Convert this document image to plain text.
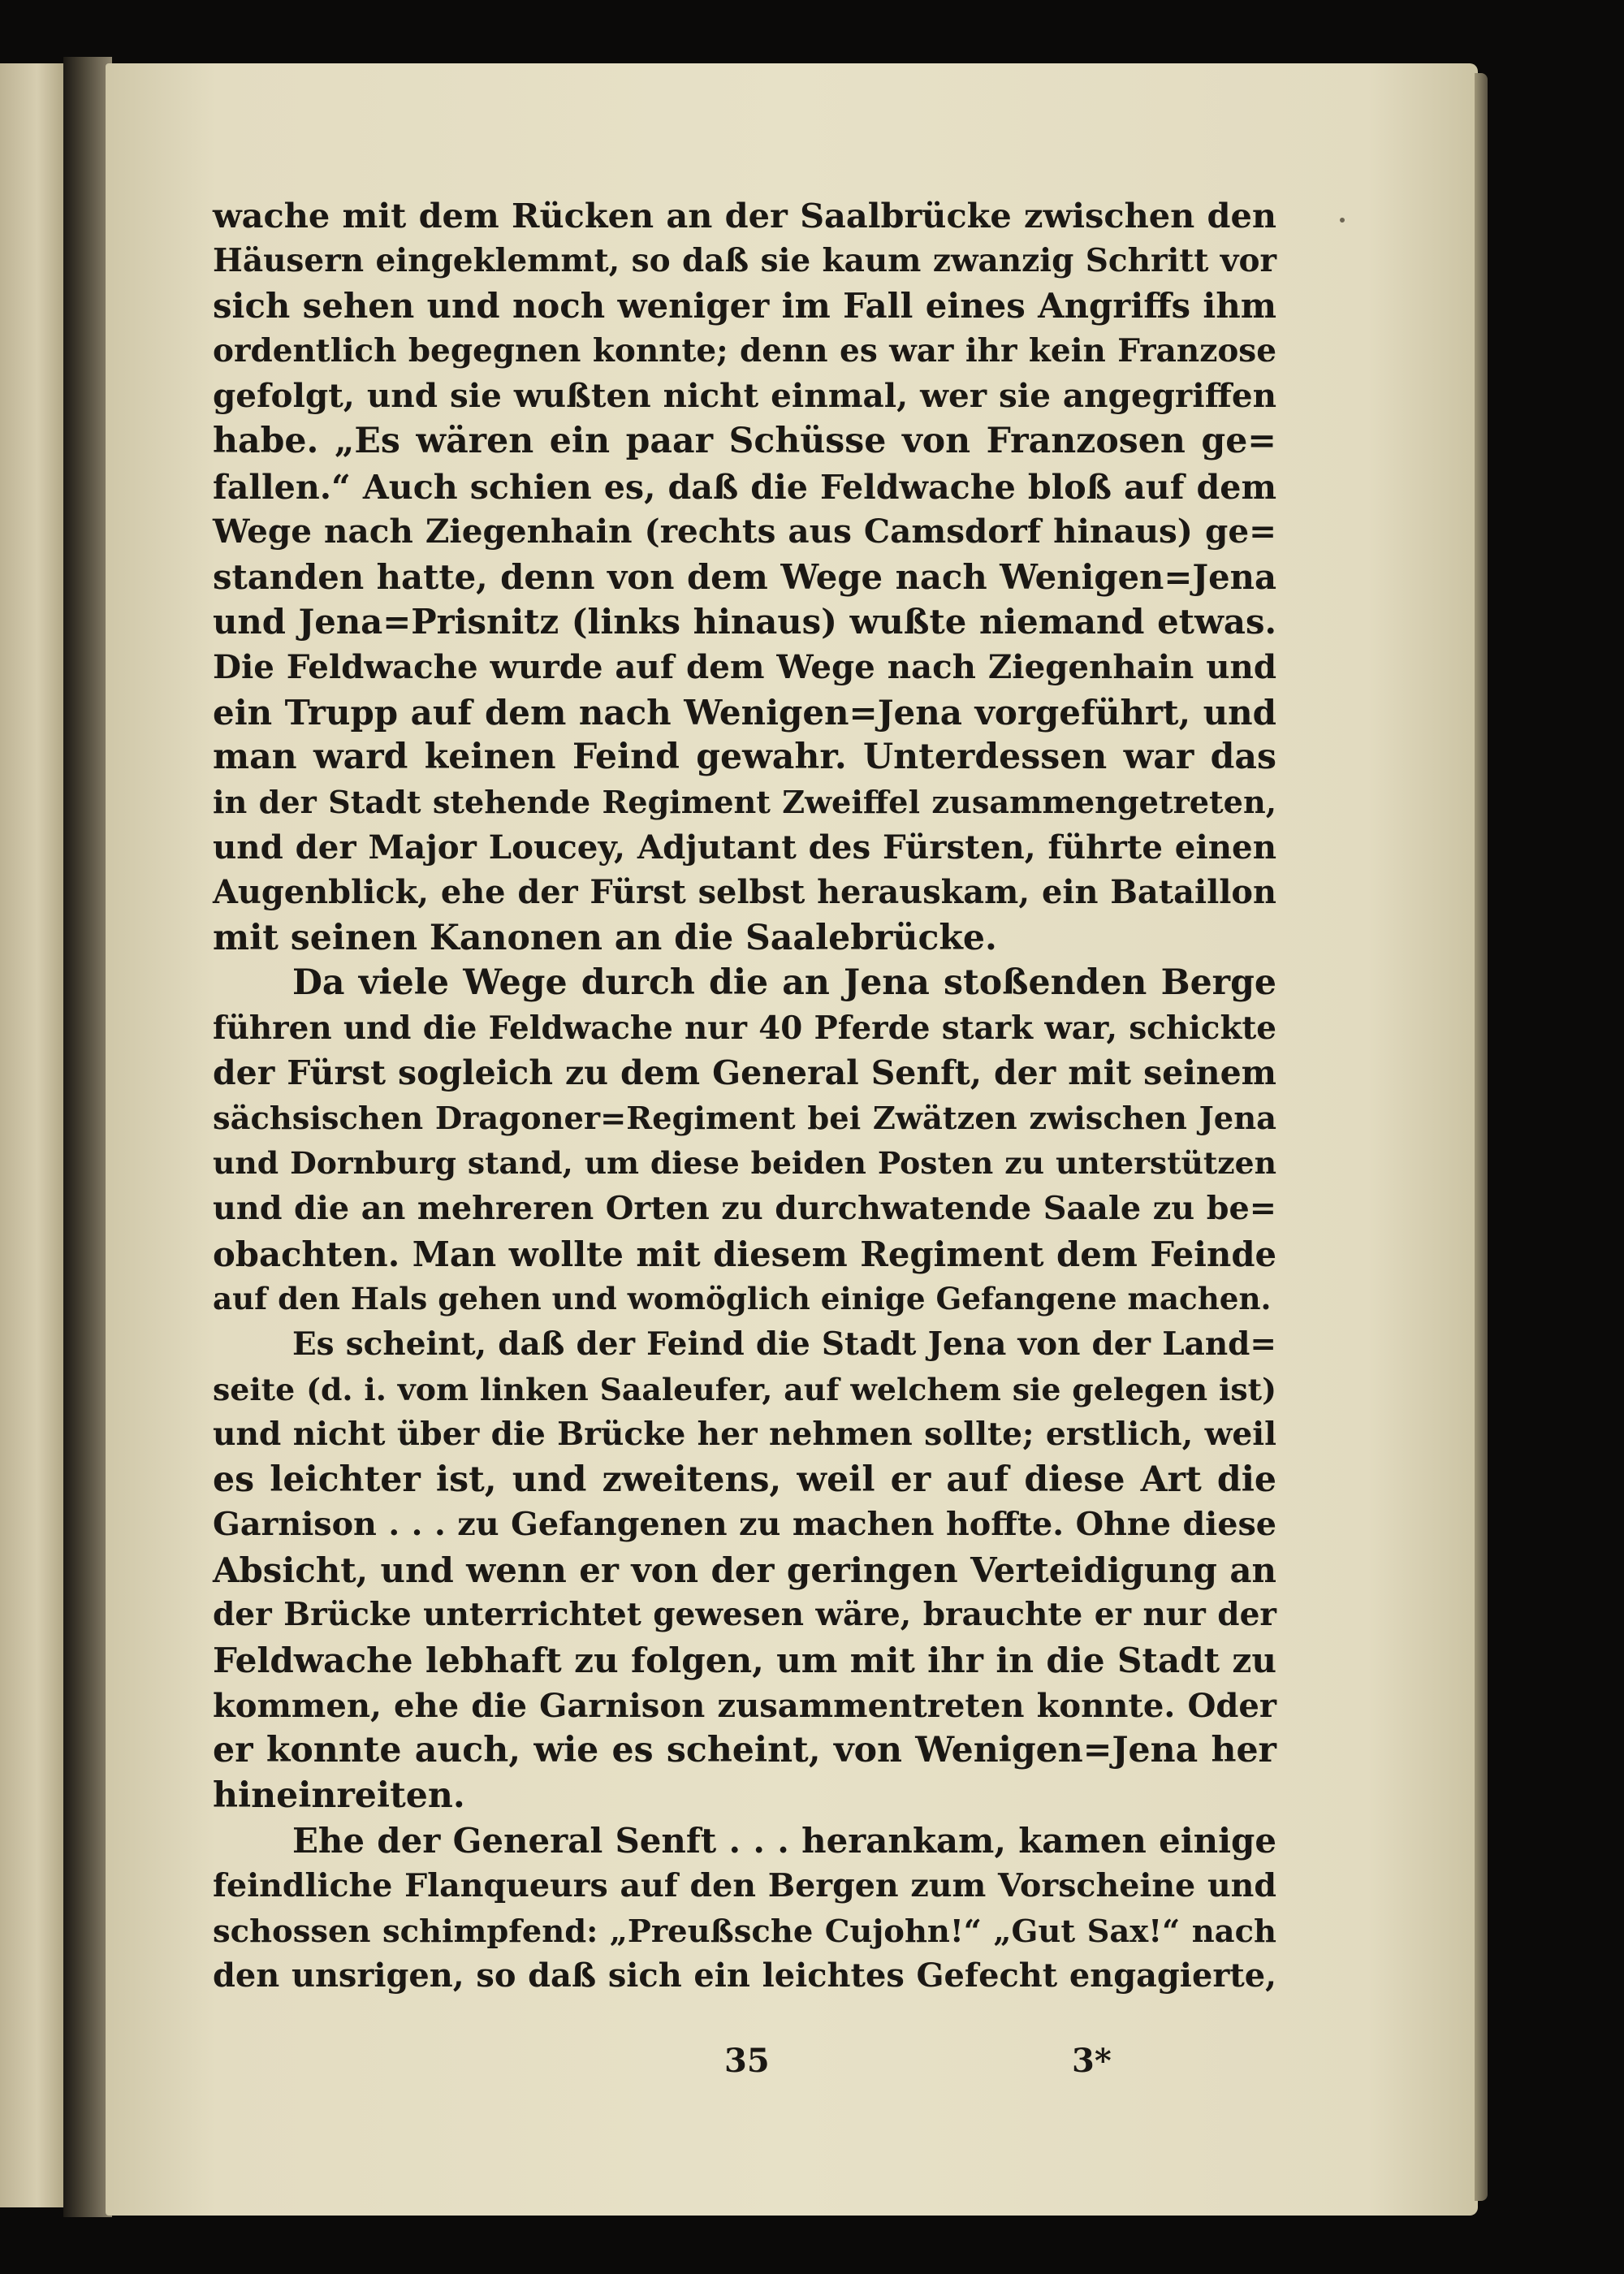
wache mit dem Rücken an der Saalbrücke zwischen den
Häusern eingeklemmt, so daß sie kaum zwanzig Schritt vor
sich sehen und noch weniger im Fall eines Angriffs ihm
ordentlich begegnen konnte; denn es war ihr kein Franzose
gefolgt, und sie wußten nicht einmal, wer sie angegriffen
habe. „Es wären ein paar Schüsse von Franzosen ge=
fallen.“ Auch schien es, daß die Feldwache bloß auf dem
Wege nach Ziegenhain (rechts aus Camsdorf hinaus) ge=
standen hatte, denn von dem Wege nach Wenigen=Jena
und Jena=Prisnitz (links hinaus) wußte niemand etwas.
Die Feldwache wurde auf dem Wege nach Ziegenhain und
ein Trupp auf dem nach Wenigen=Jena vorgeführt, und
man ward keinen Feind gewahr. Unterdessen war das
in der Stadt stehende Regiment Zweiffel zusammengetreten,
und der Major Loucey, Adjutant des Fürsten, führte einen
Augenblick, ehe der Fürst selbst herauskam, ein Bataillon
mit seinen Kanonen an die Saalebrücke.
Da viele Wege durch die an Jena stoßenden Berge
führen und die Feldwache nur 40 Pferde stark war, schickte
der Fürst sogleich zu dem General Senft, der mit seinem
sächsischen Dragoner=Regiment bei Zwätzen zwischen Jena
und Dornburg stand, um diese beiden Posten zu unterstützen
und die an mehreren Orten zu durchwatende Saale zu be=
obachten. Man wollte mit diesem Regiment dem Feinde
auf den Hals gehen und womöglich einige Gefangene machen.
Es scheint, daß der Feind die Stadt Jena von der Land=
seite (d. i. vom linken Saaleufer, auf welchem sie gelegen ist)
und nicht über die Brücke her nehmen sollte; erstlich, weil
es leichter ist, und zweitens, weil er auf diese Art die
Garnison . . . zu Gefangenen zu machen hoffte. Ohne diese
Absicht, und wenn er von der geringen Verteidigung an
der Brücke unterrichtet gewesen wäre, brauchte er nur der
Feldwache lebhaft zu folgen, um mit ihr in die Stadt zu
kommen, ehe die Garnison zusammentreten konnte. Oder
er konnte auch, wie es scheint, von Wenigen=Jena her
hineinreiten.
Ehe der General Senft . . . herankam, kamen einige
feindliche Flanqueurs auf den Bergen zum Vorscheine und
schossen schimpfend: „Preußsche Cujohn!“ „Gut Sax!“ nach
den unsrigen, so daß sich ein leichtes Gefecht engagierte,
35	3*
